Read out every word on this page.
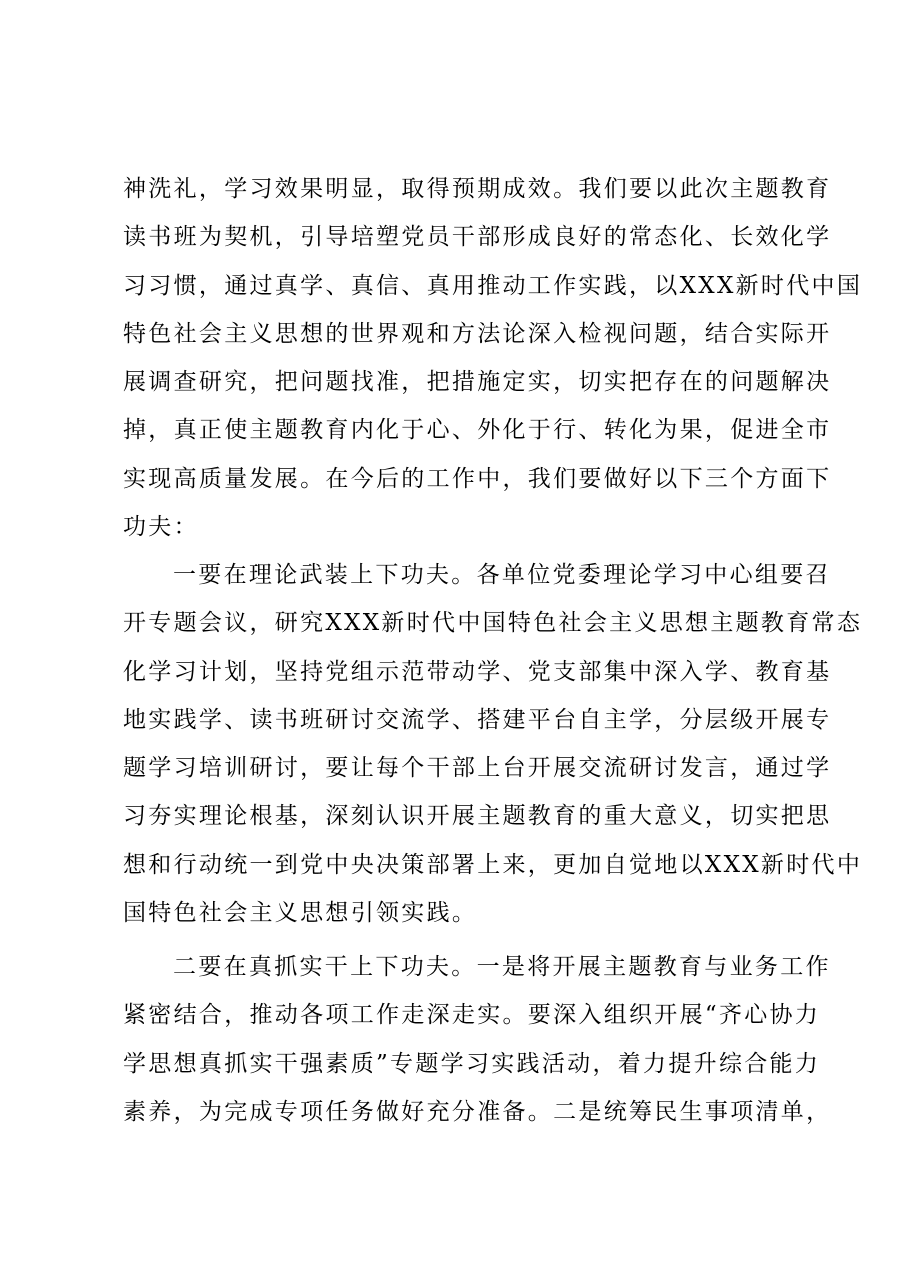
神洗礼，学习效果明显，取得预期成效。我们要以此次主题教育
读书班为契机，引导培塑党员干部形成良好的常态化、长效化学
习习惯，通过真学、真信、真用推动工作实践，以XXX新时代中国
特色社会主义思想的世界观和方法论深入检视问题，结合实际开
展调查研究，把问题找准，把措施定实，切实把存在的问题解决
掉，真正使主题教育内化于心、外化于行、转化为果，促进全市
实现高质量发展。在今后的工作中，我们要做好以下三个方面下
功夫：
一要在理论武装上下功夫。各单位党委理论学习中心组要召
开专题会议，研究XXX新时代中国特色社会主义思想主题教育常态
化学习计划，坚持党组示范带动学、党支部集中深入学、教育基
地实践学、读书班研讨交流学、搭建平台自主学，分层级开展专
题学习培训研讨，要让每个干部上台开展交流研讨发言，通过学
习夯实理论根基，深刻认识开展主题教育的重大意义，切实把思
想和行动统一到党中央决策部署上来，更加自觉地以XXX新时代中
国特色社会主义思想引领实践。
二要在真抓实干上下功夫。一是将开展主题教育与业务工作
紧密结合，推动各项工作走深走实。要深入组织开展“齐心协力
学思想真抓实干强素质”专题学习实践活动，着力提升综合能力
素养，为完成专项任务做好充分准备。二是统筹民生事项清单，
